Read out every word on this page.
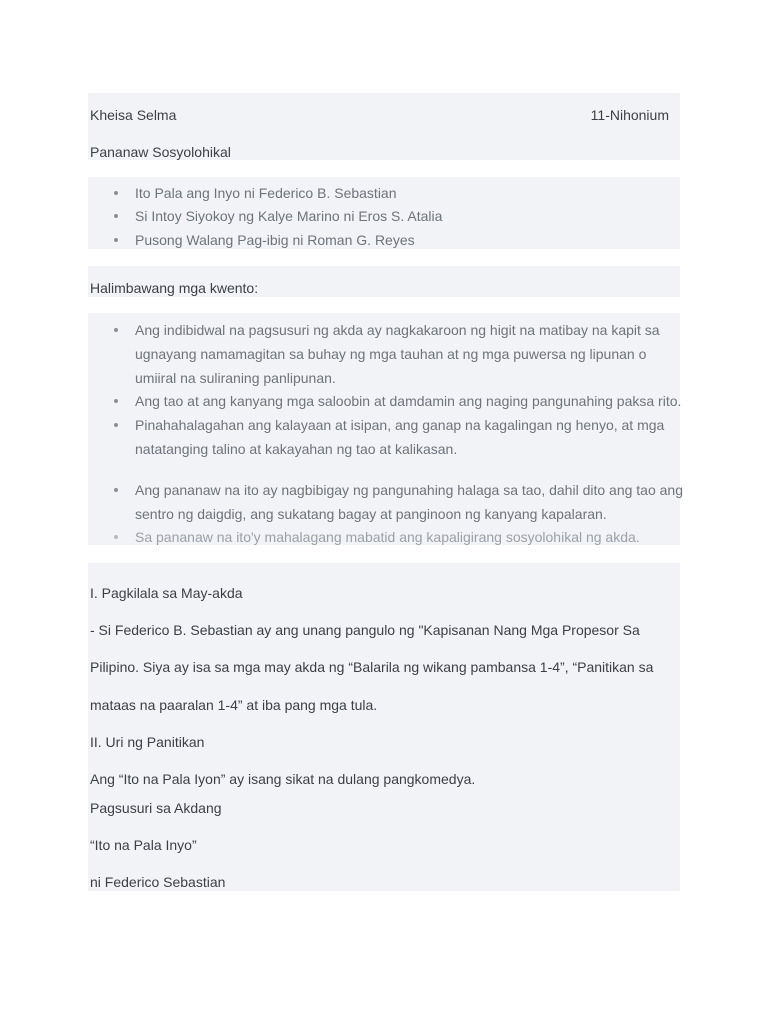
Kheisa Selma	11-Nihonium
Pananaw Sosyolohikal
Ito Pala ang Inyo ni Federico B. Sebastian
Si Intoy Siyokoy ng Kalye Marino ni Eros S. Atalia
Pusong Walang Pag-ibig ni Roman G. Reyes
Halimbawang mga kwento:
Ang indibidwal na pagsusuri ng akda ay nagkakaroon ng higit na matibay na kapit sa
ugnayang namamagitan sa buhay ng mga tauhan at ng mga puwersa ng lipunan o
umiiral na suliraning panlipunan.
Ang tao at ang kanyang mga saloobin at damdamin ang naging pangunahing paksa rito.
Pinahahalagahan ang kalayaan at isipan, ang ganap na kagalingan ng henyo, at mga
natatanging talino at kakayahan ng tao at kalikasan.
Ang pananaw na ito ay nagbibigay ng pangunahing halaga sa tao, dahil dito ang tao ang
sentro ng daigdig, ang sukatang bagay at panginoon ng kanyang kapalaran.
Sa pananaw na ito'y mahalagang mabatid ang kapaligirang sosyolohikal ng akda.
I. Pagkilala sa May-akda
- Si Federico B. Sebastian ay ang unang pangulo ng "Kapisanan Nang Mga Propesor Sa
Pilipino. Siya ay isa sa mga may akda ng “Balarila ng wikang pambansa 1-4”, “Panitikan sa
mataas na paaralan 1-4” at iba pang mga tula.
II. Uri ng Panitikan
Ang “Ito na Pala Iyon” ay isang sikat na dulang pangkomedya.
Pagsusuri sa Akdang
“Ito na Pala Inyo”
ni Federico Sebastian
